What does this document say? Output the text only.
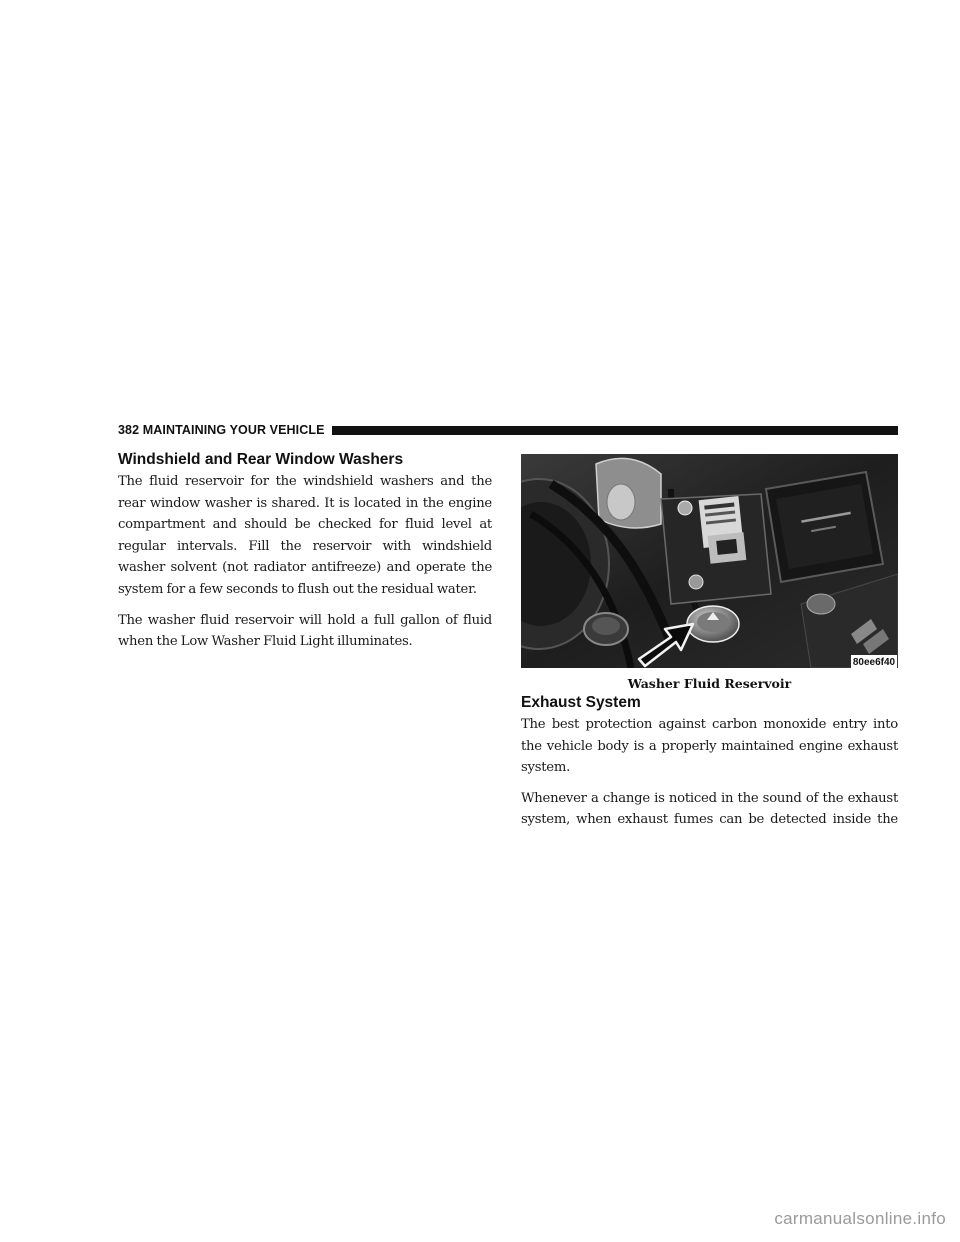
382 MAINTAINING YOUR VEHICLE
Windshield and Rear Window Washers

The fluid reservoir for the windshield washers and the rear window washer is shared. It is located in the engine compartment and should be checked for fluid level at regular intervals. Fill the reservoir with windshield washer solvent (not radiator antifreeze) and operate the system for a few seconds to flush out the residual water.

The washer fluid reservoir will hold a full gallon of fluid when the Low Washer Fluid Light illuminates.

80ee6f40
Washer Fluid Reservoir
Exhaust System

The best protection against carbon monoxide entry into the vehicle body is a properly maintained engine exhaust system.

Whenever a change is noticed in the sound of the exhaust system, when exhaust fumes can be detected inside the

carmanualsonline.info
